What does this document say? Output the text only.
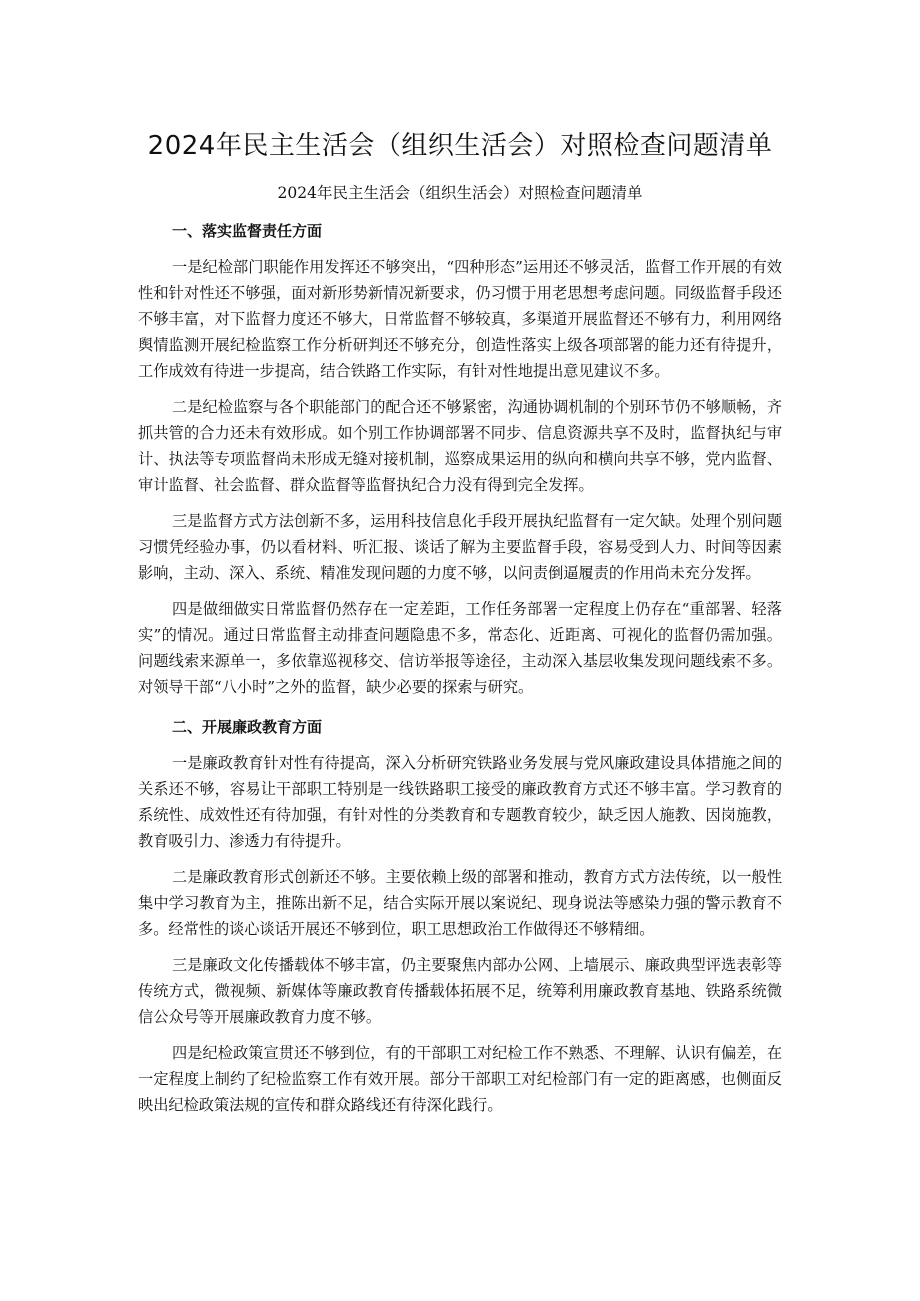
2024年民主生活会（组织生活会）对照检查问题清单
2024年民主生活会（组织生活会）对照检查问题清单
一、落实监督责任方面

一是纪检部门职能作用发挥还不够突出，“四种形态”运用还不够灵活，监督工作开展的有效性和针对性还不够强，面对新形势新情况新要求，仍习惯于用老思想考虑问题。同级监督手段还不够丰富，对下监督力度还不够大，日常监督不够较真，多渠道开展监督还不够有力，利用网络舆情监测开展纪检监察工作分析研判还不够充分，创造性落实上级各项部署的能力还有待提升，工作成效有待进一步提高，结合铁路工作实际，有针对性地提出意见建议不多。

二是纪检监察与各个职能部门的配合还不够紧密，沟通协调机制的个别环节仍不够顺畅，齐抓共管的合力还未有效形成。如个别工作协调部署不同步、信息资源共享不及时，监督执纪与审计、执法等专项监督尚未形成无缝对接机制，巡察成果运用的纵向和横向共享不够，党内监督、审计监督、社会监督、群众监督等监督执纪合力没有得到完全发挥。

三是监督方式方法创新不多，运用科技信息化手段开展执纪监督有一定欠缺。处理个别问题习惯凭经验办事，仍以看材料、听汇报、谈话了解为主要监督手段，容易受到人力、时间等因素影响，主动、深入、系统、精准发现问题的力度不够，以问责倒逼履责的作用尚未充分发挥。

四是做细做实日常监督仍然存在一定差距，工作任务部署一定程度上仍存在“重部署、轻落实”的情况。通过日常监督主动排查问题隐患不多，常态化、近距离、可视化的监督仍需加强。问题线索来源单一，多依靠巡视移交、信访举报等途径，主动深入基层收集发现问题线索不多。对领导干部“八小时”之外的监督，缺少必要的探索与研究。

二、开展廉政教育方面

一是廉政教育针对性有待提高，深入分析研究铁路业务发展与党风廉政建设具体措施之间的关系还不够，容易让干部职工特别是一线铁路职工接受的廉政教育方式还不够丰富。学习教育的系统性、成效性还有待加强，有针对性的分类教育和专题教育较少，缺乏因人施教、因岗施教，教育吸引力、渗透力有待提升。

二是廉政教育形式创新还不够。主要依赖上级的部署和推动，教育方式方法传统，以一般性集中学习教育为主，推陈出新不足，结合实际开展以案说纪、现身说法等感染力强的警示教育不多。经常性的谈心谈话开展还不够到位，职工思想政治工作做得还不够精细。

三是廉政文化传播载体不够丰富，仍主要聚焦内部办公网、上墙展示、廉政典型评选表彰等传统方式，微视频、新媒体等廉政教育传播载体拓展不足，统筹利用廉政教育基地、铁路系统微信公众号等开展廉政教育力度不够。

四是纪检政策宣贯还不够到位，有的干部职工对纪检工作不熟悉、不理解、认识有偏差，在一定程度上制约了纪检监察工作有效开展。部分干部职工对纪检部门有一定的距离感，也侧面反映出纪检政策法规的宣传和群众路线还有待深化践行。
